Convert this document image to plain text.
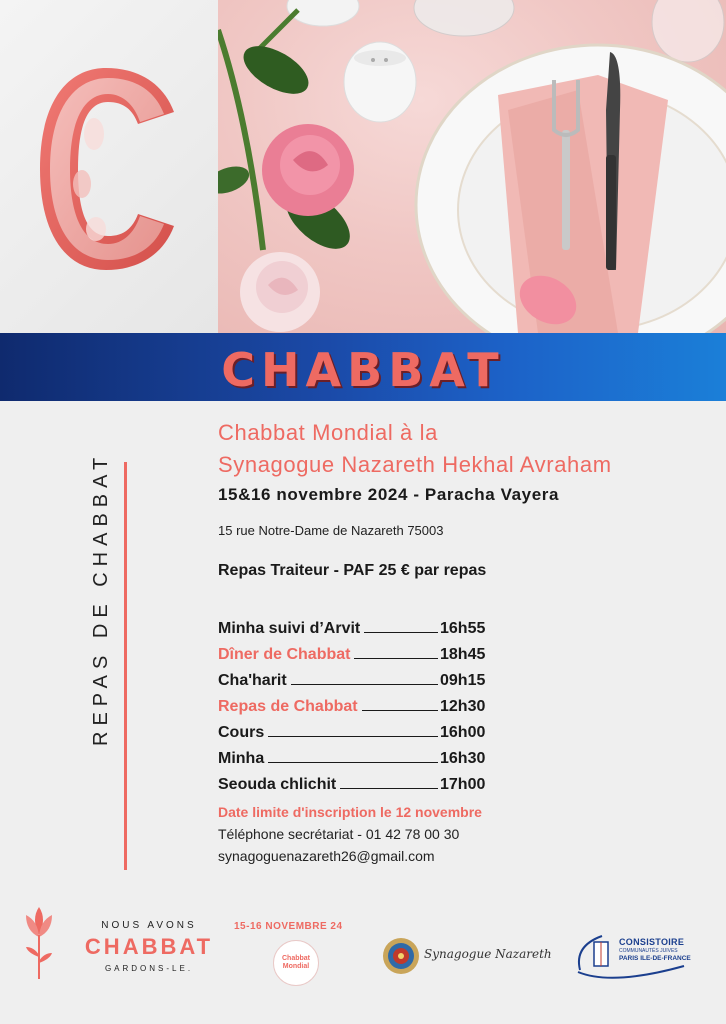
CHABBAT
REPAS DE CHABBAT
Chabbat Mondial à la
Synagogue Nazareth Hekhal Avraham
15&16 novembre 2024 - Paracha Vayera
15 rue Notre-Dame de Nazareth 75003
Repas Traiteur - PAF 25 € par repas
Minha suivi d’Arvit	16h55
Dîner de Chabbat	18h45
Cha'harit	09h15
Repas de Chabbat	12h30
Cours	16h00
Minha	16h30
Seouda chlichit	17h00
Date limite d'inscription le 12 novembre
Téléphone secrétariat - 01 42 78 00 30
synagoguenazareth26@gmail.com
NOUS AVONS
CHABBAT
GARDONS-LE.
15-16 NOVEMBRE 24
Chabbat Mondial
Synagogue Nazareth
CONSISTOIRE
COMMUNAUTÉS JUIVES
PARIS ILE-DE-FRANCE
